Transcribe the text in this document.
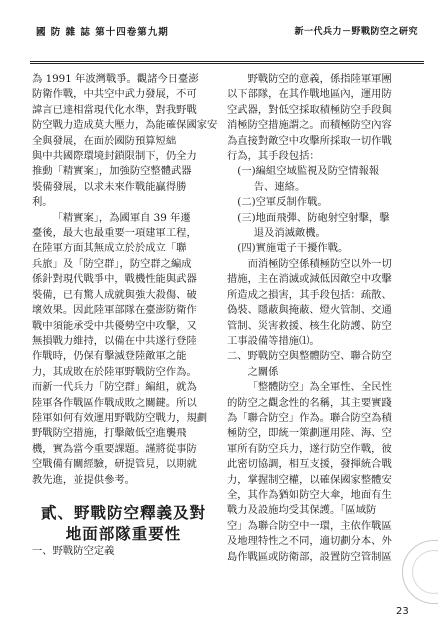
國 防 雜 誌 第十四卷第九期	新一代兵力－野戰防空之研究

為 1991 年波灣戰爭。觀諸今日臺澎
防衛作戰，中共空中武力發展，不可
諱言已達相當現代化水準，對我野戰
防空戰力造成莫大壓力，為能確保國家安
全與發展，在面於國防預算短絀
與中共國際環境封鎖限制下，仍全力
推動「精實案」，加強防空整體武器
裝備發展，以求未來作戰能贏得勝
利。

「精實案」，為國軍自 39 年遷
臺後，最大也最重要一項建軍工程，
在陸軍方面其無成立於於成立「聯
兵旅」及「防空群」，防空群之編成
係針對現代戰爭中，戰機性能與武器
裝備，已有驚人成就與強大殺傷、破
壞效果。因此陸軍部隊在臺澎防衛作
戰中須能承受中共優勢空中攻擊，又
無損戰力維持，以備在中共遂行登陸
作戰時，仍保有擊滅登陸敵軍之能
力，其成敗在於陸軍野戰防空作為。
而新一代兵力「防空群」編組，就為
陸軍各作戰區作戰成敗之關鍵。所以
陸軍如何有效運用野戰防空戰力，規劃
野戰防空措施，打擊敵低空進襲飛
機，實為當今重要課題。謹將從事防
空戰備有關經驗，研提管見，以期就
教先進，並提供參考。

貳、野戰防空釋義及對
地面部隊重要性

一、野戰防空定義

野戰防空的意義，係指陸軍軍團
以下部隊，在其作戰地區內，運用防
空武器，對低空採取積極防空手段與
消極防空措施謂之。而積極防空內容
為直接對敵空中攻擊所採取一切作戰
行為，其手段包括：

(一)編組空域監視及防空情報報
告、連絡。
(二)空軍反制作戰。
(三)地面飛彈、防砲射空射擊，擊
退及消滅敵機。
(四)實施電子干擾作戰。

而消極防空係積極防空以外一切
措施，主在消滅或減低因敵空中攻擊
所造成之損害，其手段包括：疏散、
偽裝、隱蔽與掩蔽、燈火管制、交通
管制、災害救援、核生化防護、防空
工事設備等措施⑴。

二、野戰防空與整體防空、聯合防空
之關係

「整體防空」為全軍性、全民性
的防空之觀念性的名稱，其主要實踐
為「聯合防空」作為。聯合防空為積
極防空，即統一策劃運用陸、海、空
軍所有防空兵力，遂行防空作戰，彼
此密切協調，相互支援，發揮統合戰
力，掌握制空權，以確保國家整體安
全，其作為猶如防空大傘，地面有生
戰力及設施均受其保護。「區域防
空」為聯合防空中一環，主依作戰區
及地理特性之不同，適切劃分本、外
島作戰區或防衛部，設置防空管制區

23
